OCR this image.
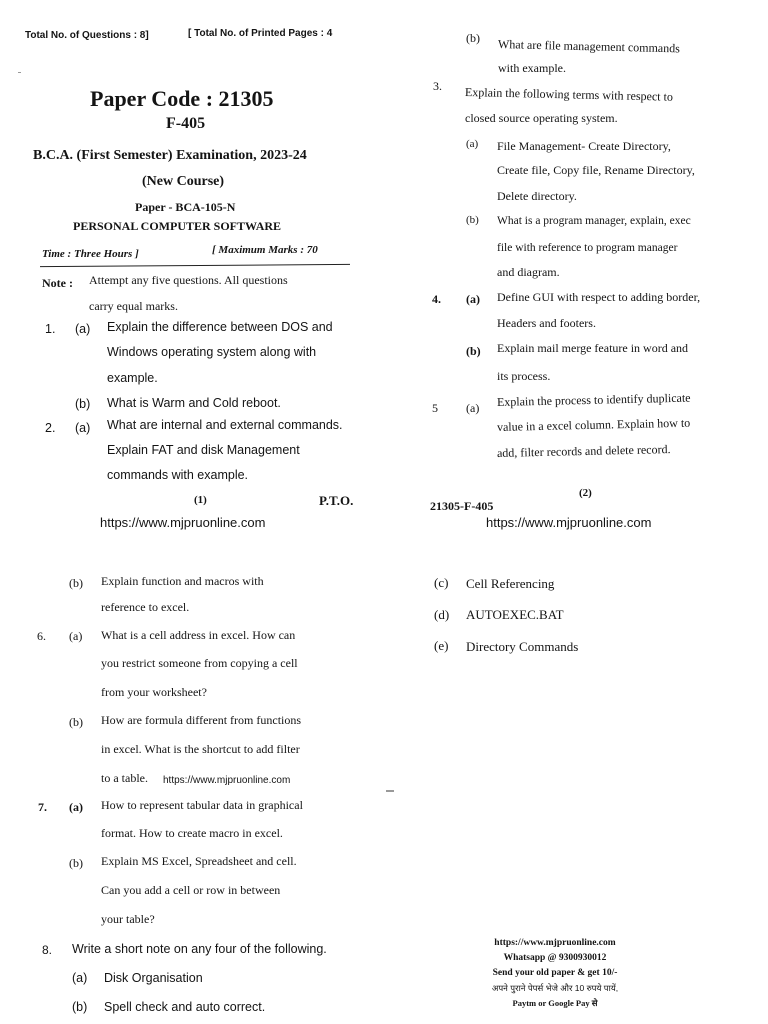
Total No. of Questions : 8]	[ Total No. of Printed Pages : 4
Paper Code : 21305
F-405
B.C.A. (First Semester) Examination, 2023-24
(New Course)
Paper - BCA-105-N
PERSONAL COMPUTER SOFTWARE
Time : Three Hours ]	[ Maximum Marks : 70
Note : Attempt any five questions. All questions
carry equal marks.
1. (a) Explain the difference between DOS and
Windows operating system along with
example.
(b) What is Warm and Cold reboot.
2. (a) What are internal and external commands.
Explain FAT and disk Management
commands with example.
(1)	P.T.O.
https://www.mjpruonline.com
(b) What are file management commands
with example.
3. Explain the following terms with respect to
closed source operating system.
(a) File Management- Create Directory,
Create file, Copy file, Rename Directory,
Delete directory.
(b) What is a program manager, explain, exec
file with reference to program manager
and diagram.
4. (a) Define GUI with respect to adding border,
Headers and footers.
(b) Explain mail merge feature in word and
its process.
5 (a) Explain the process to identify duplicate
value in a excel column. Explain how to
add, filter records and delete record.
21305-F-405
(2)
https://www.mjpruonline.com
(b) Explain function and macros with
reference to excel.
6. (a) What is a cell address in excel. How can
you restrict someone from copying a cell
from your worksheet?
(b) How are formula different from functions
in excel. What is the shortcut to add filter
to a table. https://www.mjpruonline.com
7. (a) How to represent tabular data in graphical
format. How to create macro in excel.
(b) Explain MS Excel, Spreadsheet and cell.
Can you add a cell or row in between
your table?
8. Write a short note on any four of the following.
(a) Disk Organisation
(b) Spell check and auto correct.
(c) Cell Referencing
(d) AUTOEXEC.BAT
(e) Directory Commands
https://www.mjpruonline.com
Whatsapp @ 9300930012
Send your old paper & get 10/-
अपने पुराने पेपर्स भेजे और 10 रुपये पायें,
Paytm or Google Pay से
